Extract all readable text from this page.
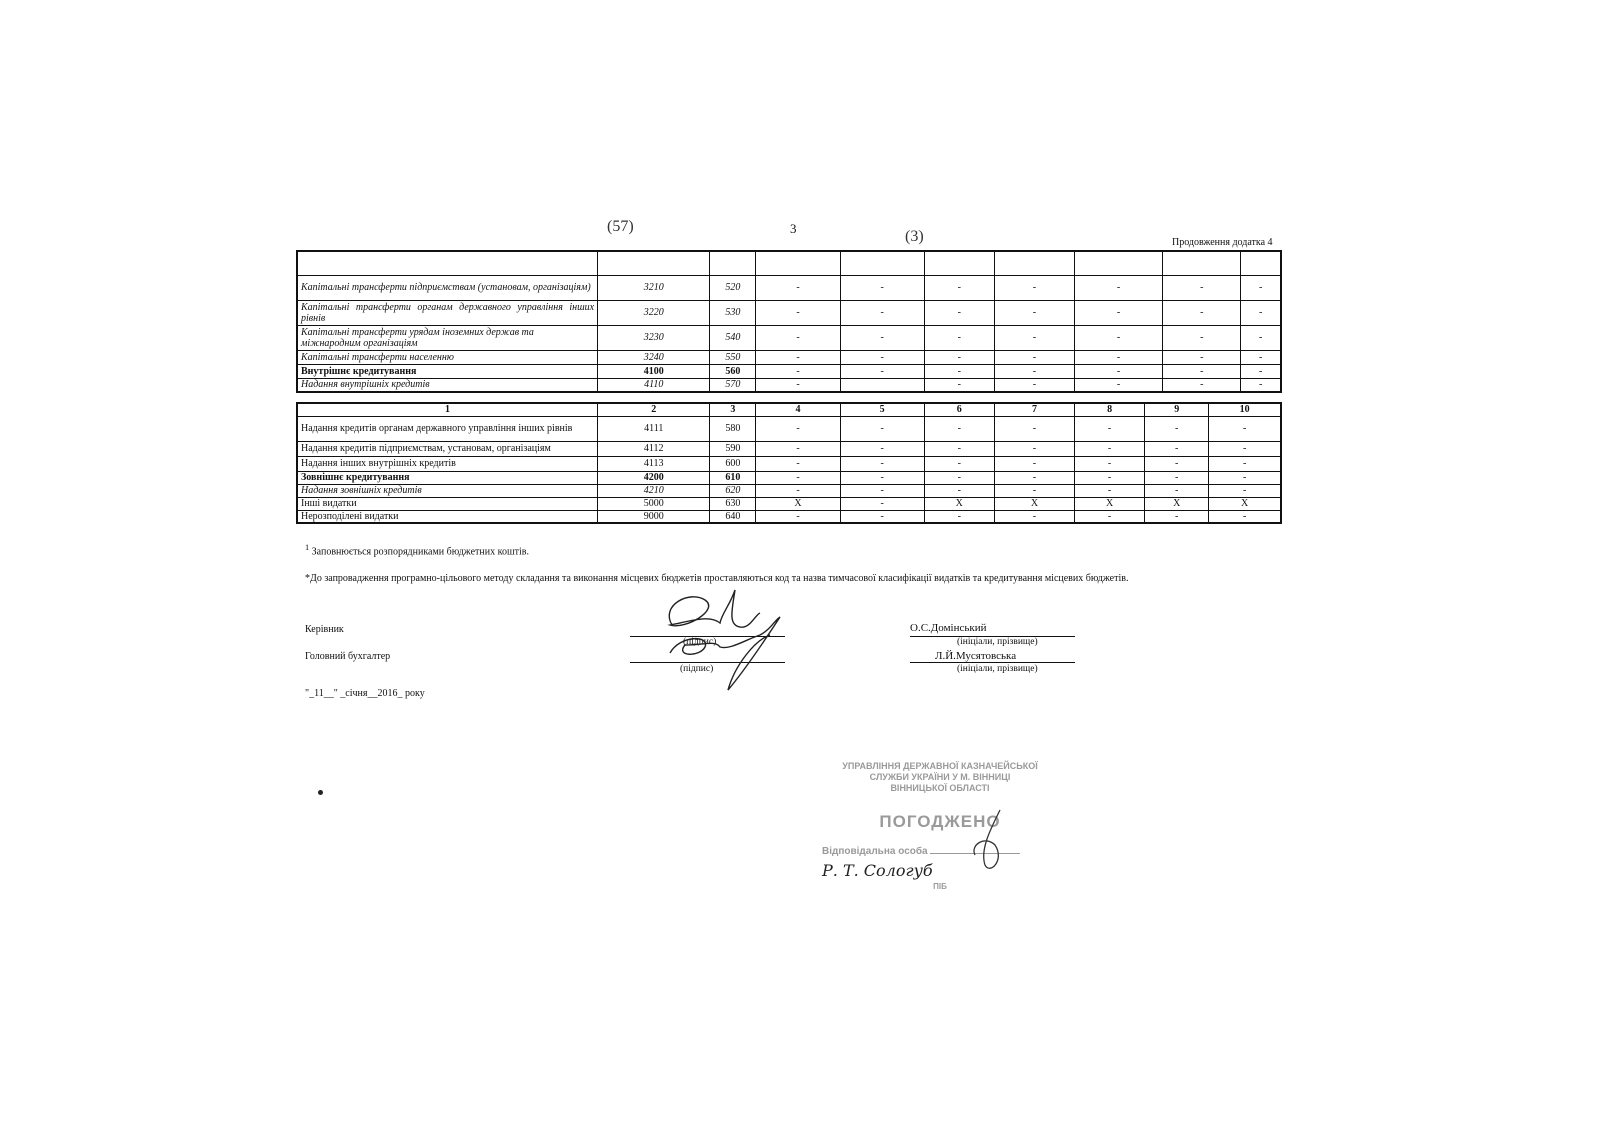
3
(57)
(3)	Продовження додатка 4

Капітальні трансферти підприємствам (установам, організаціям)	3210	520	-	-	-	-	-	-	-
Капітальні трансферти органам державного управління інших рівнів	3220	530	-	-	-	-	-	-	-
Капітальні трансферти урядам іноземних держав та міжнародним організаціям	3230	540	-	-	-	-	-	-	-
Капітальні трансферти населенню	3240	550	-	-	-	-	-	-	-
Внутрішнє кредитування	4100	560	-	-	-	-	-	-	-
Надання внутрішніх кредитів	4110	570	-		-	-	-	-	-
1	2	3	4	5	6	7	8	9	10
Надання кредитів органам державного управління інших рівнів	4111	580	-	-	-	-	-	-	-
Надання кредитів підприємствам, установам, організаціям	4112	590	-	-	-	-	-	-	-
Надання інших внутрішніх кредитів	4113	600	-	-	-	-	-	-	-
Зовнішнє кредитування	4200	610	-	-	-	-	-	-	-
Надання зовнішніх кредитів	4210	620	-	-	-	-	-	-	-
Інші видатки	5000	630	X	-	X	X	X	X	X
Нерозподілені видатки	9000	640	-	-	-	-	-	-	-
$^1$ Заповнюється розпорядниками бюджетних коштів.
*До запровадження програмно-цільового методу складання та виконання місцевих бюджетів проставляються код та назва тимчасової класифікації видатків та кредитування місцевих бюджетів.
Керівник
Головний бухгалтер
(підпис)
(підпис)
О.С.Домінський
(ініціали, прізвище)
Л.Й.Мусятовська
(ініціали, прізвище)
"_11__" _січня__2016_ року
УПРАВЛІННЯ ДЕРЖАВНОЇ КАЗНАЧЕЙСЬКОЇ
СЛУЖБИ УКРАЇНИ У М. ВІННИЦІ
ВІННИЦЬКОЇ ОБЛАСТІ
ПОГОДЖЕНО
Відповідальна особа
Р. Т. Сологуб
ПІБ
